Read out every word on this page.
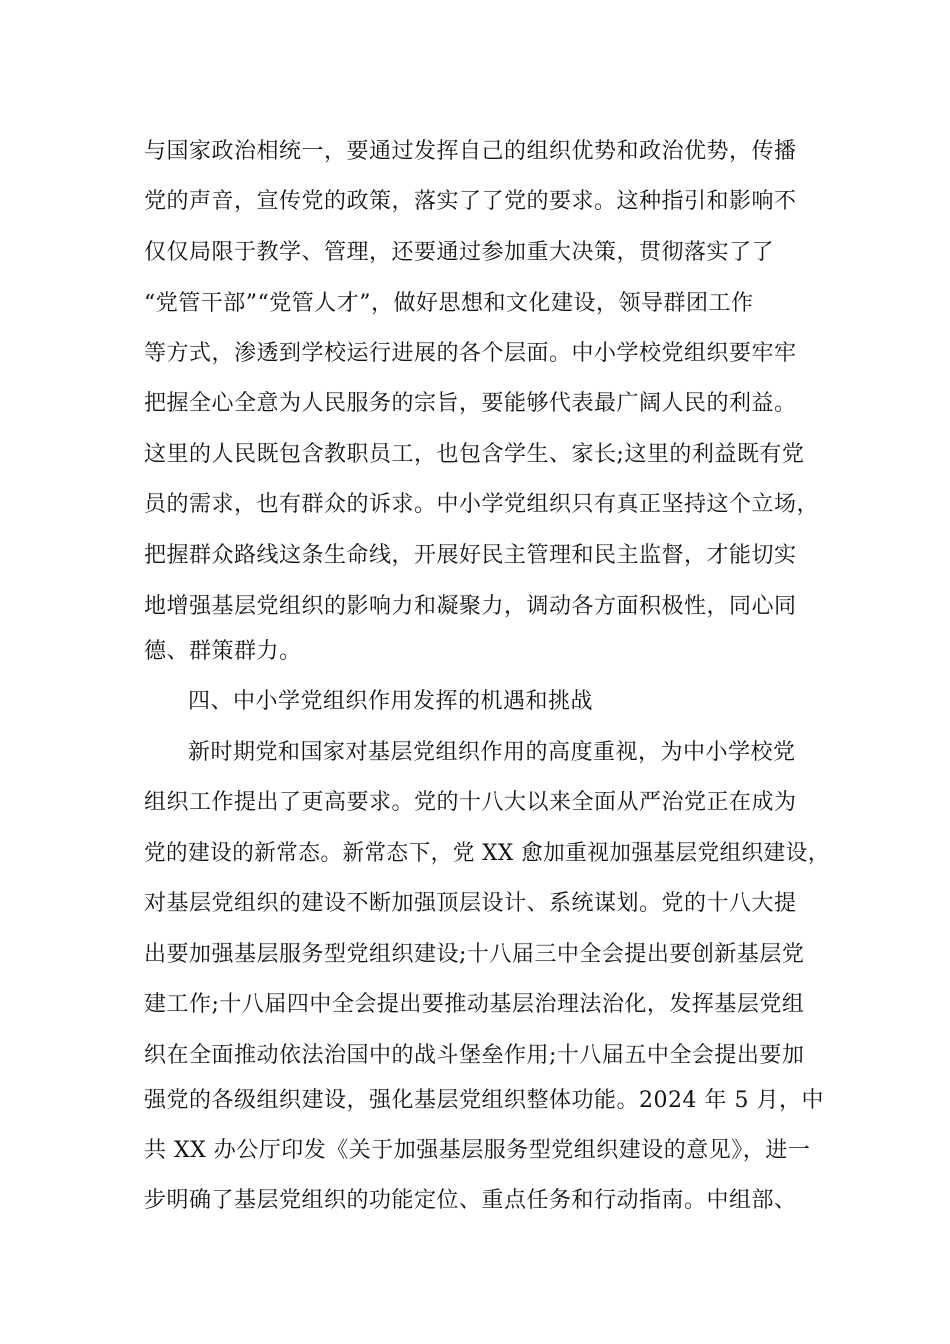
与国家政治相统一，要通过发挥自己的组织优势和政治优势，传播
党的声音，宣传党的政策，落实了了党的要求。这种指引和影响不
仅仅局限于教学、管理，还要通过参加重大决策，贯彻落实了了
“党管干部”“党管人才”，做好思想和文化建设，领导群团工作
等方式，渗透到学校运行进展的各个层面。中小学校党组织要牢牢
把握全心全意为人民服务的宗旨，要能够代表最广阔人民的利益。
这里的人民既包含教职员工，也包含学生、家长;这里的利益既有党
员的需求，也有群众的诉求。中小学党组织只有真正坚持这个立场，
把握群众路线这条生命线，开展好民主管理和民主监督，才能切实
地增强基层党组织的影响力和凝聚力，调动各方面积极性，同心同
德、群策群力。
四、中小学党组织作用发挥的机遇和挑战
新时期党和国家对基层党组织作用的高度重视，为中小学校党
组织工作提出了更高要求。党的十八大以来全面从严治党正在成为
党的建设的新常态。新常态下，党 XX 愈加重视加强基层党组织建设，
对基层党组织的建设不断加强顶层设计、系统谋划。党的十八大提
出要加强基层服务型党组织建设;十八届三中全会提出要创新基层党
建工作;十八届四中全会提出要推动基层治理法治化，发挥基层党组
织在全面推动依法治国中的战斗堡垒作用;十八届五中全会提出要加
强党的各级组织建设，强化基层党组织整体功能。2024 年 5 月，中
共 XX 办公厅印发《关于加强基层服务型党组织建设的意见》，进一
步明确了基层党组织的功能定位、重点任务和行动指南。中组部、
